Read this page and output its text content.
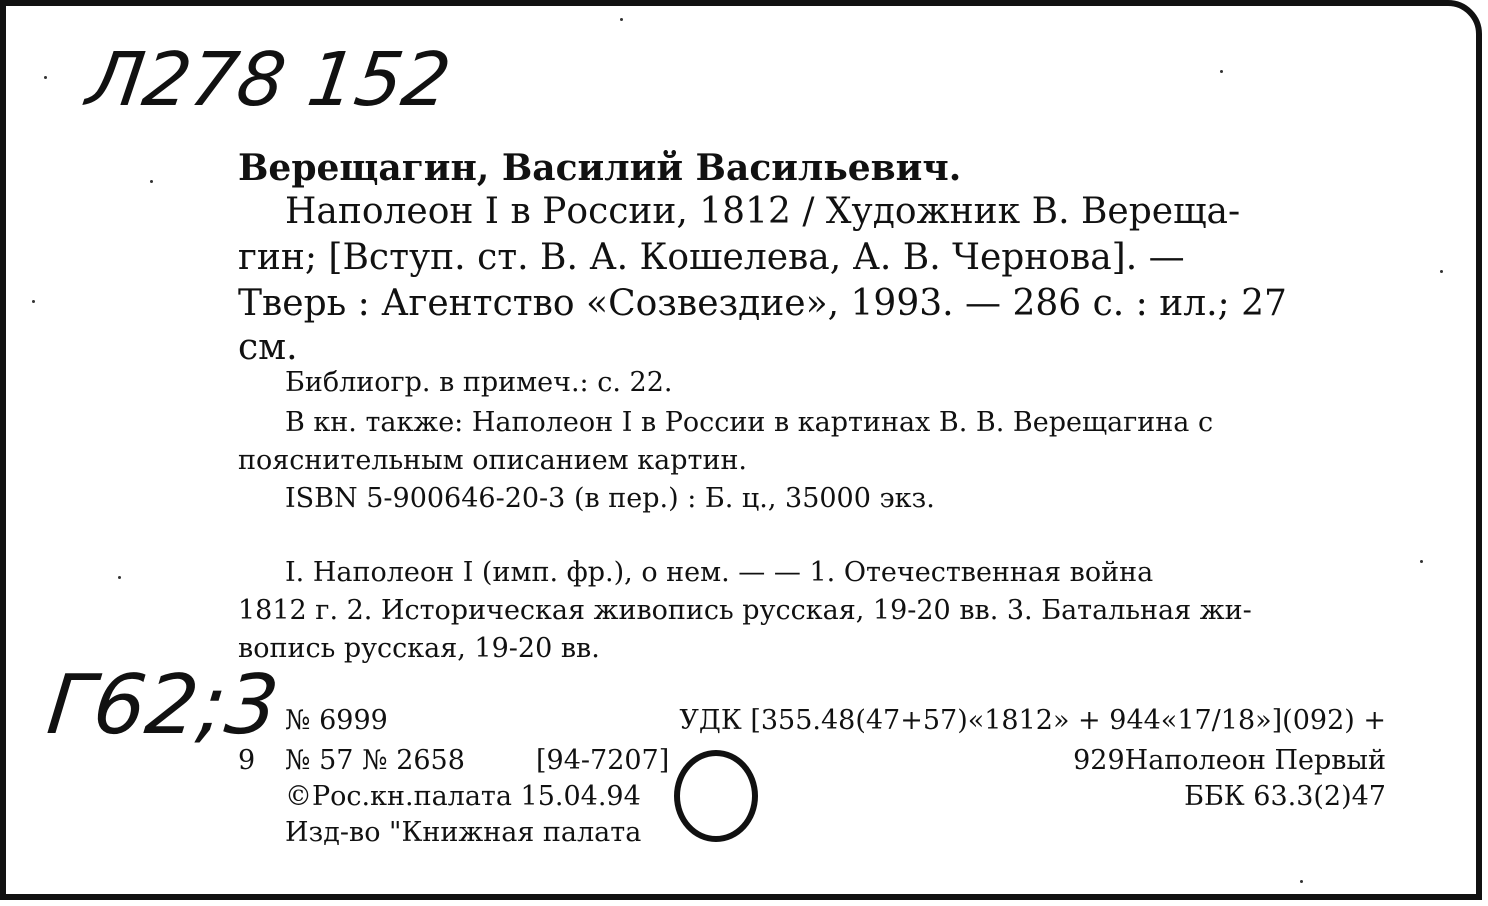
Л278 152
Г62;3
Верещагин, Василий Васильевич.
Наполеон I в России, 1812 / Художник В. Верещa-
гин; [Вступ. ст. В. А. Кошелева, А. В. Чернова]. —
Тверь : Агентство «Созвездие», 1993. — 286 с. : ил.; 27
см.
Библиогр. в примеч.: с. 22.
В кн. также: Наполеон I в России в картинах В. В. Верещагина с
пояснительным описанием картин.
ISBN 5-900646-20-3 (в пер.) : Б. ц., 35000 экз.
I. Наполеон I (имп. фр.), о нем. — — 1. Отечественная война
1812 г. 2. Историческая живопись русская, 19-20 вв. 3. Батальная жи-
вопись русская, 19-20 вв.
№ 6999	УДК [355.48(47+57)«1812» + 944«17/18»](092) +
9 № 57 № 2658	[94-7207]	929Наполеон Первый
©Рос.кн.палата 15.04.94	ББК 63.3(2)47
Изд-во "Книжная палата
